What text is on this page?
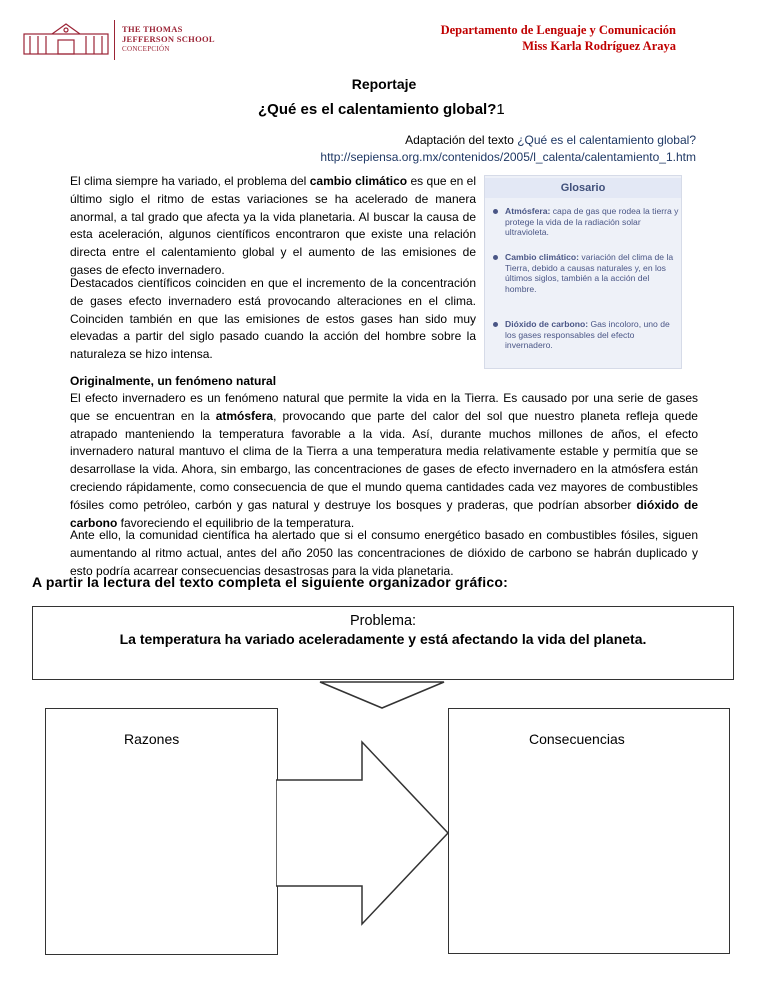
THE THOMAS
JEFFERSON SCHOOL
CONCEPCIÓN
Departamento de Lenguaje y Comunicación
Miss Karla Rodríguez Araya
Reportaje
¿Qué es el calentamiento global?1
Adaptación del texto ¿Qué es el calentamiento global?
http://sepiensa.org.mx/contenidos/2005/l_calenta/calentamiento_1.htm
El clima siempre ha variado, el problema del cambio climático es que en el último siglo el ritmo de estas variaciones se ha acelerado de manera anormal, a tal grado que afecta ya la vida planetaria. Al buscar la causa de esta aceleración, algunos científicos encontraron que existe una relación directa entre el calentamiento global y el aumento de las emisiones de gases de efecto invernadero.
Destacados científicos coinciden en que el incremento de la concentración de gases efecto invernadero está provocando alteraciones en el clima. Coinciden también en que las emisiones de estos gases han sido muy elevadas a partir del siglo pasado cuando la acción del hombre sobre la naturaleza se hizo intensa.
Glosario
Atmósfera: capa de gas que rodea la tierra y protege la vida de la radiación solar ultravioleta.
Cambio climático: variación del clima de la Tierra, debido a causas naturales y, en los últimos siglos, también a la acción del hombre.
Dióxido de carbono: Gas incoloro, uno de los gases responsables del efecto invernadero.
Originalmente, un fenómeno natural
El efecto invernadero es un fenómeno natural que permite la vida en la Tierra. Es causado por una serie de gases que se encuentran en la atmósfera, provocando que parte del calor del sol que nuestro planeta refleja quede atrapado manteniendo la temperatura favorable a la vida. Así, durante muchos millones de años, el efecto invernadero natural mantuvo el clima de la Tierra a una temperatura media relativamente estable y permitía que se desarrollase la vida. Ahora, sin embargo, las concentraciones de gases de efecto invernadero en la atmósfera están creciendo rápidamente, como consecuencia de que el mundo quema cantidades cada vez mayores de combustibles fósiles como petróleo, carbón y gas natural y destruye los bosques y praderas, que podrían absorber dióxido de carbono favoreciendo el equilibrio de la temperatura.
Ante ello, la comunidad científica ha alertado que si el consumo energético basado en combustibles fósiles, siguen aumentando al ritmo actual, antes del año 2050 las concentraciones de dióxido de carbono se habrán duplicado y esto podría acarrear consecuencias desastrosas para la vida planetaria.
A partir la lectura del texto completa el siguiente organizador gráfico:
Problema:
La temperatura ha variado aceleradamente y está afectando la vida del planeta.
Razones	Consecuencias
